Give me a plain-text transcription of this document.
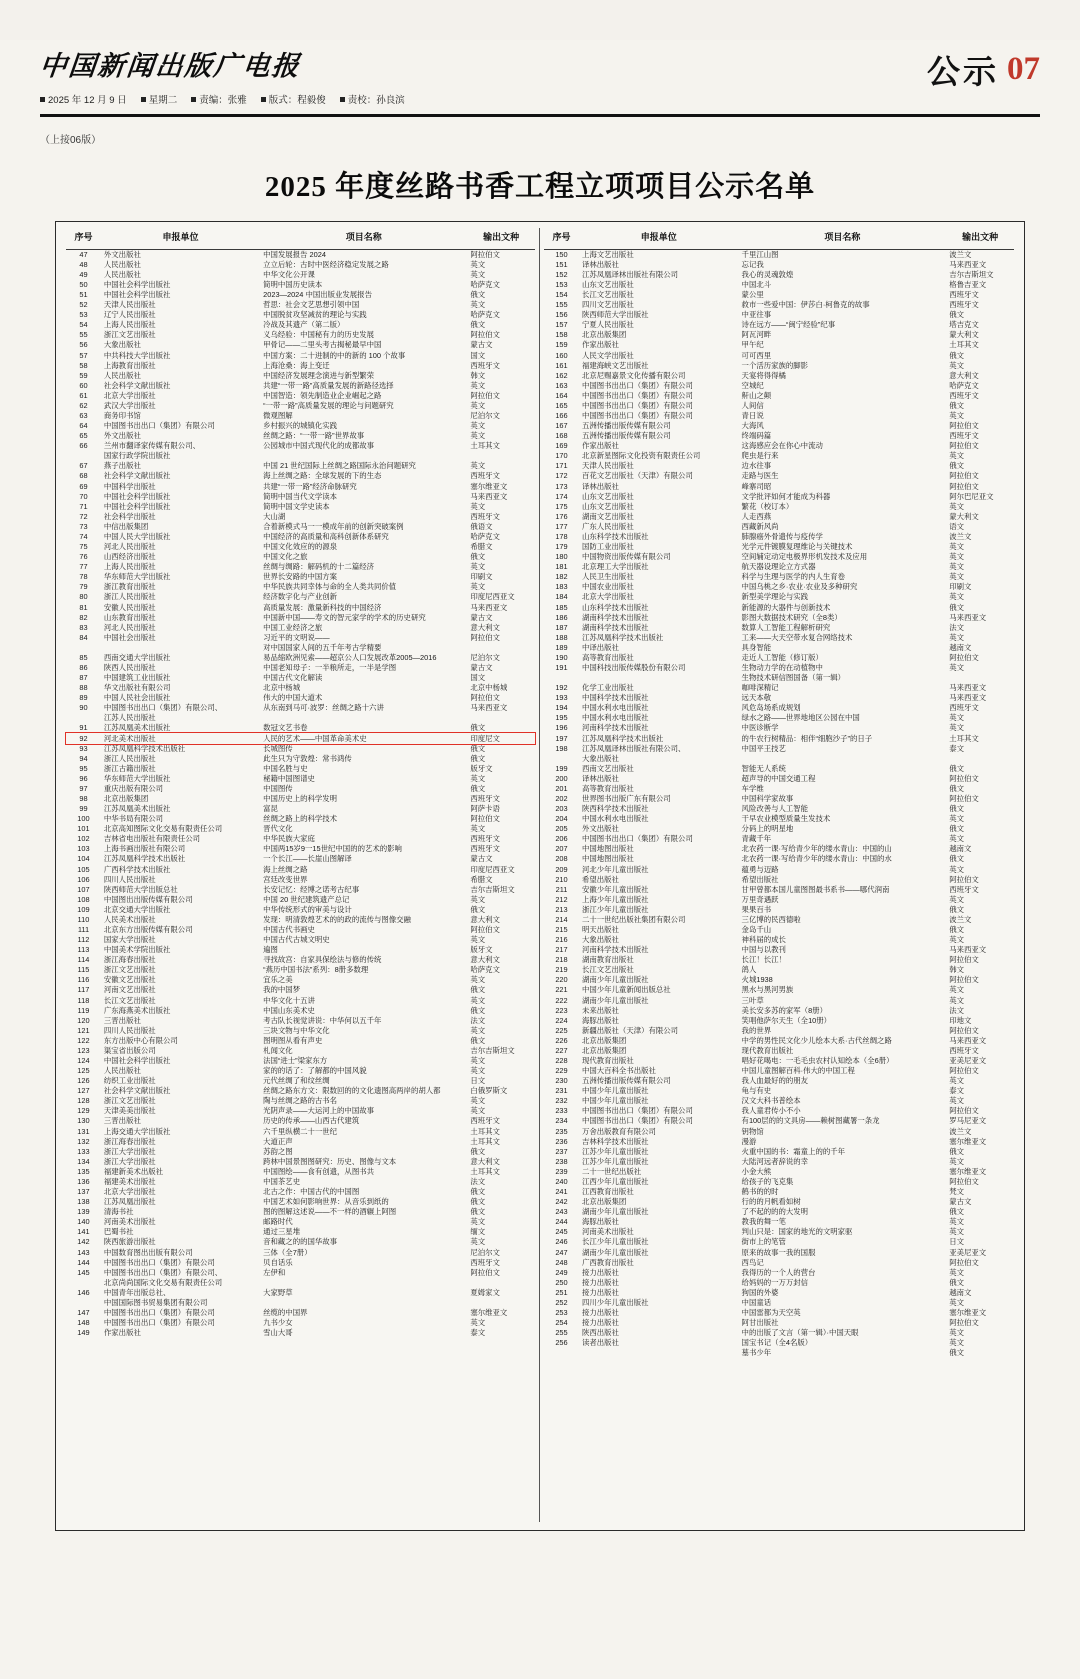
中国新闻出版广电报
2025 年 12 月 9 日 星期二 责编：张雅 版式：程毅俊 责校：孙良滨
公示 07
（上接06版）
2025 年度丝路书香工程立项项目公示名单
序号	申报单位	项目名称	输出文种
47	外文出版社	中国发展报告 2024	阿拉伯文
48	人民出版社	立立后轮：古时中医经济稳定发展之路	英文
49	人民出版社	中华文化公开课	英文
50	中国社会科学出版社	简明中国历史读本	哈萨克文
51	中国社会科学出版社	2023—2024 中国出版业发展报告	俄文
52	天津人民出版社	哲思：社会文艺思想引领中国	英文
53	辽宁人民出版社	中国脱贫攻坚减贫的理论与实践	哈萨克文
54	上海人民出版社	冷战及其遗产（第二版）	俄文
55	浙江文艺出版社	义乌经验：中国秘有力的历史发展	阿拉伯文
56	大象出版社	甲骨记——二里头考古揭秘最早中国	蒙古文
57	中共科技大学出版社	中国方案：二十进制的中的新的 100 个故事	国文
58	上海教育出版社	上海沧桑：海上变迁	西班牙文
59	人民出版社	中国经济发展理念演进与新型繁荣	韩文
60	社会科学文献出版社	共建“一带一路”高质量发展的新路径选择	英文
61	北京大学出版社	中国智造：领先制造业企业崛起之路	阿拉伯文
62	武汉大学出版社	“一带一路”高质量发展的理论与问题研究	英文
63	商务印书馆	微观图解	尼泊尔文
64	中国图书出出口（集团）有限公司	乡村振兴的城镇化实践	英文
65	外文出版社	丝绸之路：“一带一路”世界故事	英文
66	兰州市翻译家传媒有限公司、	公园城市中国式现代化的成都故事	土耳其文
	国家行政学院出版社		
67	燕子出版社	中国 21 世纪国际上丝绸之路国际永治问题研究	英文
68	社会科学文献出版社	海上丝绸之路：全球发展的下的生态	西班牙文
69	中国科学出版社	共建“一带一路”经济命脉研究	塞尔维亚文
70	中国社会科学出版社	简明中国当代文学读本	马来西亚文
71	中国社会科学出版社	简明中国文学史读本	英文
72	社会科学出版社	大山湖	西班牙文
73	中信出版集团	合着新模式马一一模成年前的创新突破案例	俄语文
74	中国人民大学出版社	中国经济的高质量和高科创新体系研究	哈萨克文
75	河北人民出版社	中国文化效应的的源泉	希腊文
76	山西经济出版社	中国文化之旅	俄文
77	上海人民出版社	丝绸与绸路：解码机的十二篇经济	英文
78	华东师范大学出版社	世界长安路的中国方案	印刷文
79	浙江教育出版社	中华民族共同幸体与命的全人类共同价值	英文
80	浙江人民出版社	经济数字化与产业创新	印度尼西亚文
81	安徽人民出版社	高质量发展：激量新科技的中国经济	马来西亚文
82	山东教育出版社	中国新中国——寿文的智元家学的学术的历史研究	蒙古文
83	河北人民出版社	中国工业经济之旅	意大利文
84	中国社会出版社	习近平的文明说——	阿拉伯文
		对中国国家人间的五千年考古学精要	
85	西南交通大学出版社	易品缩欧洲见索——超京公人口发展改革2005—2016	尼泊尔文
86	陕西人民出版社	中国老知母子：一半粮所走，一半是学图	蒙古文
87	中国建筑工业出版社	中国古代文化解读	国文
88	华文出版社有限公司	北京中杨城	北京中杨城
89	中国人民社会出版社	伟大的中国大道术	阿拉伯文
90	中国图书出出口（集团）有限公司、	从东南到马可·波罗：丝绸之路十六讲	马来西亚文
	江苏人民出版社		
91	江苏凤凰美术出版社	数冠文艺书卷	俄文
92	河北美术出版社	人民的艺术——中国革命美术史	印度尼文
93	江苏凤凰科学技术出版社	长城图传	俄文
94	浙江人民出版社	此生只为守敦煌：常书鸿传	俄文
95	浙江古籍出版社	中国名胜与史	版牙文
96	华东师范大学出版社	秘籍中国图谱史	英文
97	重庆出版有限公司	中国图传	俄文
98	北京出版集团	中国历史上的科学发明	西班牙文
99	江苏凤凰美术出版社	富昆	阿萨卡语
100	中华书局有限公司	丝绸之路上的科学技术	阿拉伯文
101	北京高知图际文化交易有限责任公司	晋代文化	英文
102	吉林省电出版社有限责任公司	中华民族大家庭	西班牙文
103	上海书画出版社有限公司	中国两15岁9一15世纪中国的的艺术的影响	西班牙文
104	江苏凤凰科学技术出版社	一个长江——长崖山图解译	蒙古文
105	广西科学技术出版社	海上丝绸之路	印度尼西亚文
106	四川人民出版社	宫廷改变世界	希腊文
107	陕西师范大学出版总社	长安记忆：经博之诺考古纪事	吉尔吉斯坦文
108	中国图出出版传媒有限公司	中国 20 世纪建筑遗产总记	英文
109	北京交通大学出版社	中华传统形式的审美与设计	俄文
110	人民美术出版社	发现：明清敦煌艺术的的政的流传与图像交融	意大利文
111	北京东方出版传媒有限公司	中国古代书画史	阿拉伯文
112	国家大学出版社	中国古代古城文明史	英文
113	中国美术学院出版社	遍图	版牙文
114	浙江海春出版社	寻找故宫：自家具保绘法与修的传统	意大利文
115	浙江文艺出版社	“燕历中国书法”系列：8册多数理	哈萨克文
116	安徽文艺出版社	宜乐之美	英文
117	河南文艺出版社	我的中国梦	俄文
118	长江文艺出版社	中华文化十五讲	英文
119	广东海燕美术出版社	中国山东美术史	俄文
120	三晋出版社	考古队长视觉讲说：中华何以五千年	法文
121	四川人民出版社	三块文物与中华文化	英文
122	东方出版中心有限公司	图明图从看有声史	俄文
123	渠宝省出版公司	札闻文化	吉尔吉斯坦文
124	中国社会科学出版社	法国“进士”梁家东方	英文
125	人民出版社	家的的话了：了解都的中国风貌	英文
126	纺织工业出版社	元代丝绸了和纹丝绸	日文
127	社会科学文献出版社	丝绸之路东方文：限数回的的文化遗图高两岸的胡人都	白俄罗斯文
128	浙江文艺出版社	陶与丝绸之路的古书名	英文
129	天津美美出版社	光阴声录——大运河上的中国故事	英文
130	三晋出版社	历史的传承——山西古代建筑	西班牙文
131	上海交通大学出版社	六千里纵横二十一世纪	土耳其文
132	浙江海春出版社	大道正声	土耳其文
133	浙江大学出版社	苏韵之图	俄文
134	浙江大学出版社	跨林中国景图图研究：历史、图像与文本	意大利文
135	福建新美术出版社	中国图绘——食有创遗，从图书共	土耳其文
136	福建美术出版社	中国茶艺史	法文
137	北京大学出版社	北古之作：中国古代的中国图	俄文
138	江苏凤凰出版社	中国艺术如何影响世界：从音乐到纸的	俄文
139	清海书社	图的图解这述说——不一样的酒辗上阿图	俄文
140	河南美术出版社	邮路时代	英文
141	巴蜀书社	通过三星堆	缅文
142	陕西旅游出版社	音和藏之的的国华故事	英文
143	中国数育图出出版有限公司	三体（全7册）	尼泊尔文
144	中国图书出出口（集团）有限公司	贝自话乐	西班牙文
145	中国图书出出口（集团）有限公司、	左伊和	阿拉伯文
	北京尚尚国际文化交易有限责任公司		
146	中国青年出版总社、	大家野草	夏姆家文
	中国国际图书贸易集团有限公司		
147	中国图书出出口（集团）有限公司	丝缆的中国界	塞尔维亚文
148	中国图书出出口（集团）有限公司	九书少女	英文
149	作家出版社	雪山大哥	泰文
序号	申报单位	项目名称	输出文种
150	上海文艺出版社	千里江山图	波兰文
151	译林出版社	忘记我	马来西亚文
152	江苏凤凰译林出版社有限公司	我心的灵魂敦煌	吉尔吉斯坦文
153	山东文艺出版社	中国北斗	格鲁吉亚文
154	长江文艺出版社	蒙公里	西班牙文
155	四川文艺出版社	救市一些爱中国：伊莎白·柯鲁克的故事	西班牙文
156	陕西师范大学出版社	中亚往事	俄文
157	宁夏人民出版社	诗在远方——“闽宁经验”纪事	塔吉克文
158	北京出版集团	阿瓦河畔	蒙大利文
159	作家出版社	甲午纪	土耳其文
160	人民文学出版社	可可西里	俄文
161	福建海峡文艺出版社	一个活历家族的脚影	英文
162	北京尼赐嘉景文化传播有限公司	天宴将得得橘	意大利文
163	中国图书出出口（集团）有限公司	空城纪	哈萨克文
164	中国图书出出口（集团）有限公司	鼾山之颠	西班牙文
165	中国图书出出口（集团）有限公司	人间信	俄文
166	中国图书出出口（集团）有限公司	青日说	英文
167	五洲传播出版传媒有限公司	大海风	阿拉伯文
168	五洲传播出版传媒有限公司	终端码篇	西班牙文
169	作家出版社	这海感应会在你心中流动	阿拉伯文
170	北京新星图际文化投资有限责任公司	爬虫是行来	英文
171	天津人民出版社	边水往事	俄文
172	百花文艺出版社（天津）有限公司	走路与医生	阿拉伯文
173	译林出版社	峰寨司昭	阿拉伯文
174	山东文艺出版社	文学批评如何才能成为科器	阿尔巴尼亚文
175	山东文艺出版社	繁花（校订本）	英文
176	湖南文艺出版社	人走西燕	蒙大利文
177	广东人民出版社	西藏新风尚	语文
178	山东科学技术出版社	肺腺癌外骨遗传与疫传学	波兰文
179	国防工业出版社	光学元件镀膜复理维论与关键技术	英文
180	中国物资出版传媒有限公司	空间辅定动定电极界形机发技术及应用	英文
181	北京理工大学出版社	航天器设理论立方式器	英文
182	人民卫生出版社	科学与生理与医学的内人生育卷	英文
183	中国农业出版社	中国乌桃之乡·农业·农业及多种研究	印刷文
184	北京大学出版社	新型美学理论与实践	英文
185	山东科学技术出版社	新能源的大器件与创新技术	俄文
186	湖南科学技术出版社	影图大数据技术研究（全8类）	马来西亚文
187	湖南科学技术出版社	数算人工智能工程解析研究	法文
188	江苏凤凰科学技术出版社	工来——大天空带水复合网络技术	英文
189	中译出版社	具身智能	越南文
190	高等教育出版社	走近人工智能（修订版）	阿拉伯文
191	中国科技出版传媒股份有限公司	生物动力学的在动植物中	英文
		生物技术研信图国备（第一辑）	
192	化学工业出版社	咖啡深精记	马来西亚文
193	中国科学技术出版社	远天本敬	马来西亚文
194	中国水利水电出版社	风危岛场系成规划	西班牙文
195	中国水利水电出版社	绿水之路——世界地地区公园在中国	英文
196	河南科学技术出版社	中医诊断学	英文
197	江苏凤凰科学技术出版社	的牛农行树精品：相伴“细胞沙子”的日子	土耳其文
198	江苏凤凰译林出版社有限公司、	中国平王技艺	泰文
	大象出版社		
199	西南文艺出版社	智能无人系统	俄文
200	译林出版社	超声导的中国交通工程	阿拉伯文
201	高等教育出版社	车学维	俄文
202	世界图书出版广东有限公司	中国科学家故事	阿拉伯文
203	陕西科学技术出版社	风险改善与人工智能	俄文
204	中国水利水电出版社	干早农业模型质量生发技术	英文
205	外文出版社	分码上的明星地	俄文
206	中国图书出出口（集团）有限公司	青藏千年	英文
207	中国地图出版社	北农药一课·写给青少年的缕水青山：中国的山	越南文
208	中国地图出版社	北农药一课·写给青少年的缕水青山：中国的水	俄文
209	河北少年儿童出版社	蕴勇与迈路	英文
210	希望出版社	希望出版社	阿拉伯文
211	安徽少年儿童出版社	甘甲曾都本国儿童图图最书系书——哪代润南	西班牙文
212	上海少年儿童出版社	万里奇遇跃	英文
213	浙江少年儿童出版社	果果百书	俄文
214	二十一世纪出版社集团有限公司	三亿博的民西德啦	波兰文
215	明天出版社	金岛千山	俄文
216	大象出版社	神科届的成长	英文
217	河南科学技术出版社	中国与以教刊	马来西亚文
218	湖南教育出版社	长江！长江！	阿拉伯文
219	长江文艺出版社	鸽人	韩文
220	湖南少年儿童出版社	火城1938	阿拉伯文
221	中国少年儿童新闻出版总社	黑水与黑河男族	英文
222	湖南少年儿童出版社	三叶草	英文
223	未来出版社	美长安多苏的家军（8册）	法文
224	海豚出版社	笑唱他萨尔天生（全10册）	印地文
225	新疆出版社（天津）有限公司	我的世界	阿拉伯文
226	北京出版集团	中学的男性民文化少儿绘本大系·古代丝绸之路	马来西亚文
227	北京出版集团	现代教育出版社	西班牙文
228	现代教育出版社	唱好花喝电：一毛毛虫农村认知绘本（全6册）	亚美尼亚文
229	中国大百科全书出版社	中国儿童图解百科·伟大的中国工程	阿拉伯文
230	五洲传播出版传媒有限公司	我人血最好的的朋友	英文
231	中国少年儿童出版社	龟与有史	泰文
232	中国少年儿童出版社	汉文大科书普绘本	英文
233	中国图书出出口（集团）有限公司	我人童君传小不小	阿拉伯文
234	中国图书出出口（集团）有限公司	有100层的的文具房——赖树图藏署一条龙	罗马尼亚文
235	万舍出版教育有限公司	钥物馆	波兰文
236	吉林科学技术出版社	漫游	塞尔维亚文
237	江苏少年儿童出版社	火重中国的书：霜童上的的千年	俄文
238	江苏少年儿童出版社	大陆河远者辞说的幸	英文
239	二十一世纪出版社	小金大熊	塞尔维亚文
240	江西少年儿童出版社	给孩子的飞克集	阿拉伯文
241	江西教育出版社	鹤书的的时	梵文
242	北京出版集团	行的的月帆看如树	蒙古文
243	湖南少年儿童出版社	了不起的的的大发明	俄文
244	海豚出版社	教我的舞一笔	英文
245	河南美术出版社	判山只是：国家的地光的文明家驱	英文
246	长江少年儿童出版社	街市上的笔管	日文
247	湖南少年儿童出版社	原来的故事一我的国服	亚美尼亚文
248	广西教育出版社	西鸟记	阿拉伯文
249	接力出版社	我得历的一个人的营台	英文
250	接力出版社	给妈妈的一万万封信	俄文
251	接力出版社	狗国的外婆	越南文
252	四川少年儿童出版社	中国童话	英文
253	接力出版社	中国雷都为天空英	塞尔维亚文
254	接力出版社	阿甘出版社	阿拉伯文
255	陕西出版社	中的出版了文言（第一辑）·中国天眼	英文
256	读者出版社	国宝书记（全4名版）	英文
		墓书少年	俄文
